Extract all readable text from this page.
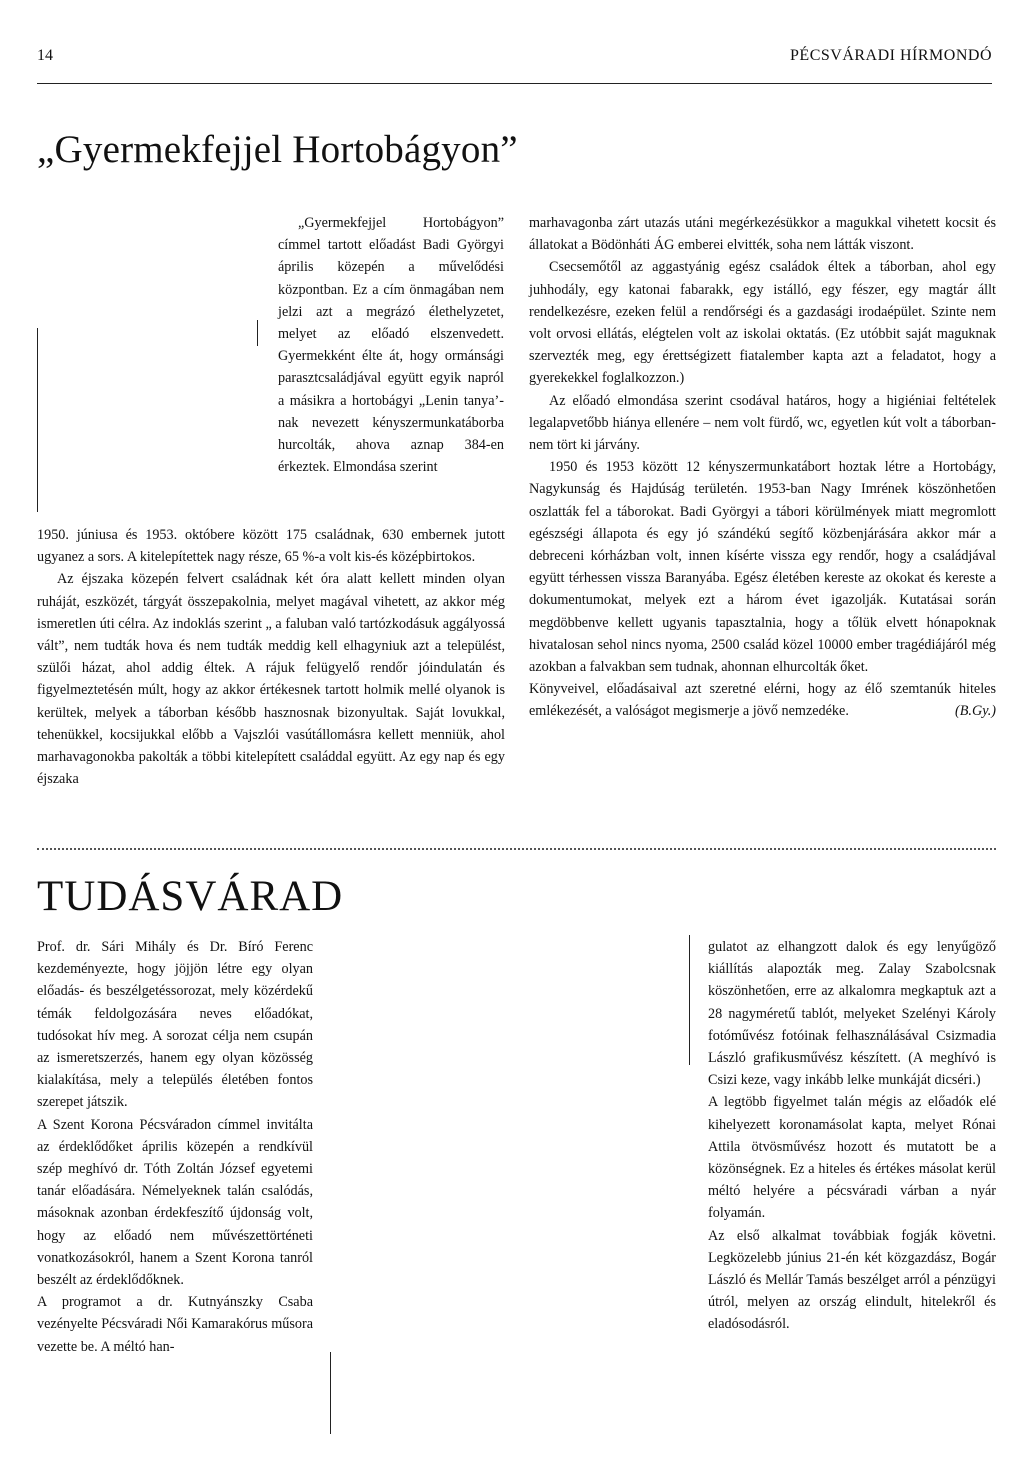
14	PÉCSVÁRADI HÍRMONDÓ
„Gyermekfejjel Hortobágyon”

„Gyermekfejjel Hortobágyon” címmel tartott előadást Badi Györgyi április közepén a művelődési központban. Ez a cím önmagában nem jelzi azt a megrázó élethelyzetet, melyet az előadó elszenvedett. Gyermekként élte át, hogy ormánsági parasztcsaládjával együtt egyik napról a másikra a hortobágyi „Lenin tanya’-nak nevezett kényszermunkatáborba hurcolták, ahova aznap 384-en érkeztek. Elmondása szerint

1950. júniusa és 1953. októbere között 175 családnak, 630 embernek jutott ugyanez a sors. A kitelepítettek nagy része, 65 %-a volt kis-és középbirtokos.

Az éjszaka közepén felvert családnak két óra alatt kellett minden olyan ruháját, eszközét, tárgyát összepakolnia, melyet magával vihetett, az akkor még ismeretlen úti célra. Az indoklás szerint „ a faluban való tartózkodásuk aggályossá vált”, nem tudták hova és nem tudták meddig kell elhagyniuk azt a települést, szülői házat, ahol addig éltek. A rájuk felügyelő rendőr jóindulatán és figyelmeztetésén múlt, hogy az akkor értékesnek tartott holmik mellé olyanok is kerültek, melyek a táborban később hasznosnak bizonyultak. Saját lovukkal, tehenükkel, kocsijukkal előbb a Vajszlói vasútállomásra kellett menniük, ahol marhavagonokba pakolták a többi kitelepített családdal együtt. Az egy nap és egy éjszaka

marhavagonba zárt utazás utáni megérkezésükkor a magukkal vihetett kocsit és állatokat a Bödönháti ÁG emberei elvitték, soha nem látták viszont.

Csecsemőtől az aggastyánig egész családok éltek a táborban, ahol egy juhhodály, egy katonai fabarakk, egy istálló, egy fészer, egy magtár állt rendelkezésre, ezeken felül a rendőrségi és a gazdasági irodaépület. Szinte nem volt orvosi ellátás, elégtelen volt az iskolai oktatás. (Ez utóbbit saját maguknak szervezték meg, egy érettségizett fiatalember kapta azt a feladatot, hogy a gyerekekkel foglalkozzon.)

Az előadó elmondása szerint csodával határos, hogy a higiéniai feltételek legalapvetőbb hiánya ellenére – nem volt fürdő, wc, egyetlen kút volt a táborban- nem tört ki járvány.

1950 és 1953 között 12 kényszermunkatábort hoztak létre a Hortobágy, Nagykunság és Hajdúság területén. 1953-ban Nagy Imrének köszönhetően oszlatták fel a táborokat. Badi Györgyi a tábori körülmények miatt megromlott egészségi állapota és egy jó szándékú segítő közbenjárására akkor már a debreceni kórházban volt, innen kísérte vissza egy rendőr, hogy a családjával együtt térhessen vissza Baranyába. Egész életében kereste az okokat és kereste a dokumentumokat, melyek ezt a három évet igazolják. Kutatásai során megdöbbenve kellett ugyanis tapasztalnia, hogy a tőlük elvett hónapoknak hivatalosan sehol nincs nyoma, 2500 család közel 10000 ember tragédiájáról még azokban a falvakban sem tudnak, ahonnan elhurcolták őket.

Könyveivel, előadásaival azt szeretné elérni, hogy az élő szemtanúk hiteles emlékezését, a valóságot megismerje a jövő nemzedéke.	(B.Gy.)

TUDÁSVÁRAD

Prof. dr. Sári Mihály és Dr. Bíró Ferenc kezdeményezte, hogy jöjjön létre egy olyan előadás- és beszélgetéssorozat, mely közérdekű témák feldolgozására neves előadókat, tudósokat hív meg. A sorozat célja nem csupán az ismeretszerzés, hanem egy olyan közösség kialakítása, mely a település életében fontos szerepet játszik.

A Szent Korona Pécsváradon címmel invitálta az érdeklődőket április közepén a rendkívül szép meghívó dr. Tóth Zoltán József egyetemi tanár előadására. Némelyeknek talán csalódás, másoknak azonban érdekfeszítő újdonság volt, hogy az előadó nem művészettörténeti vonatkozásokról, hanem a Szent Korona tanról beszélt az érdeklődőknek.

A programot a dr. Kutnyánszky Csaba vezényelte Pécsváradi Női Kamarakórus műsora vezette be. A méltó han-

gulatot az elhangzott dalok és egy lenyűgöző kiállítás alapozták meg. Zalay Szabolcsnak köszönhetően, erre az alkalomra megkaptuk azt a 28 nagyméretű tablót, melyeket Szelényi Károly fotóművész fotóinak felhasználásával Csizmadia László grafikusművész készített. (A meghívó is Csizi keze, vagy inkább lelke munkáját dicséri.)

A legtöbb figyelmet talán mégis az előadók elé kihelyezett koronamásolat kapta, melyet Rónai Attila ötvösművész hozott és mutatott be a közönségnek. Ez a hiteles és értékes másolat kerül méltó helyére a pécsváradi várban a nyár folyamán.

Az első alkalmat továbbiak fogják követni. Legközelebb június 21-én két közgazdász, Bogár László és Mellár Tamás beszélget arról a pénzügyi útról, melyen az ország elindult, hitelekről és eladósodásról.
